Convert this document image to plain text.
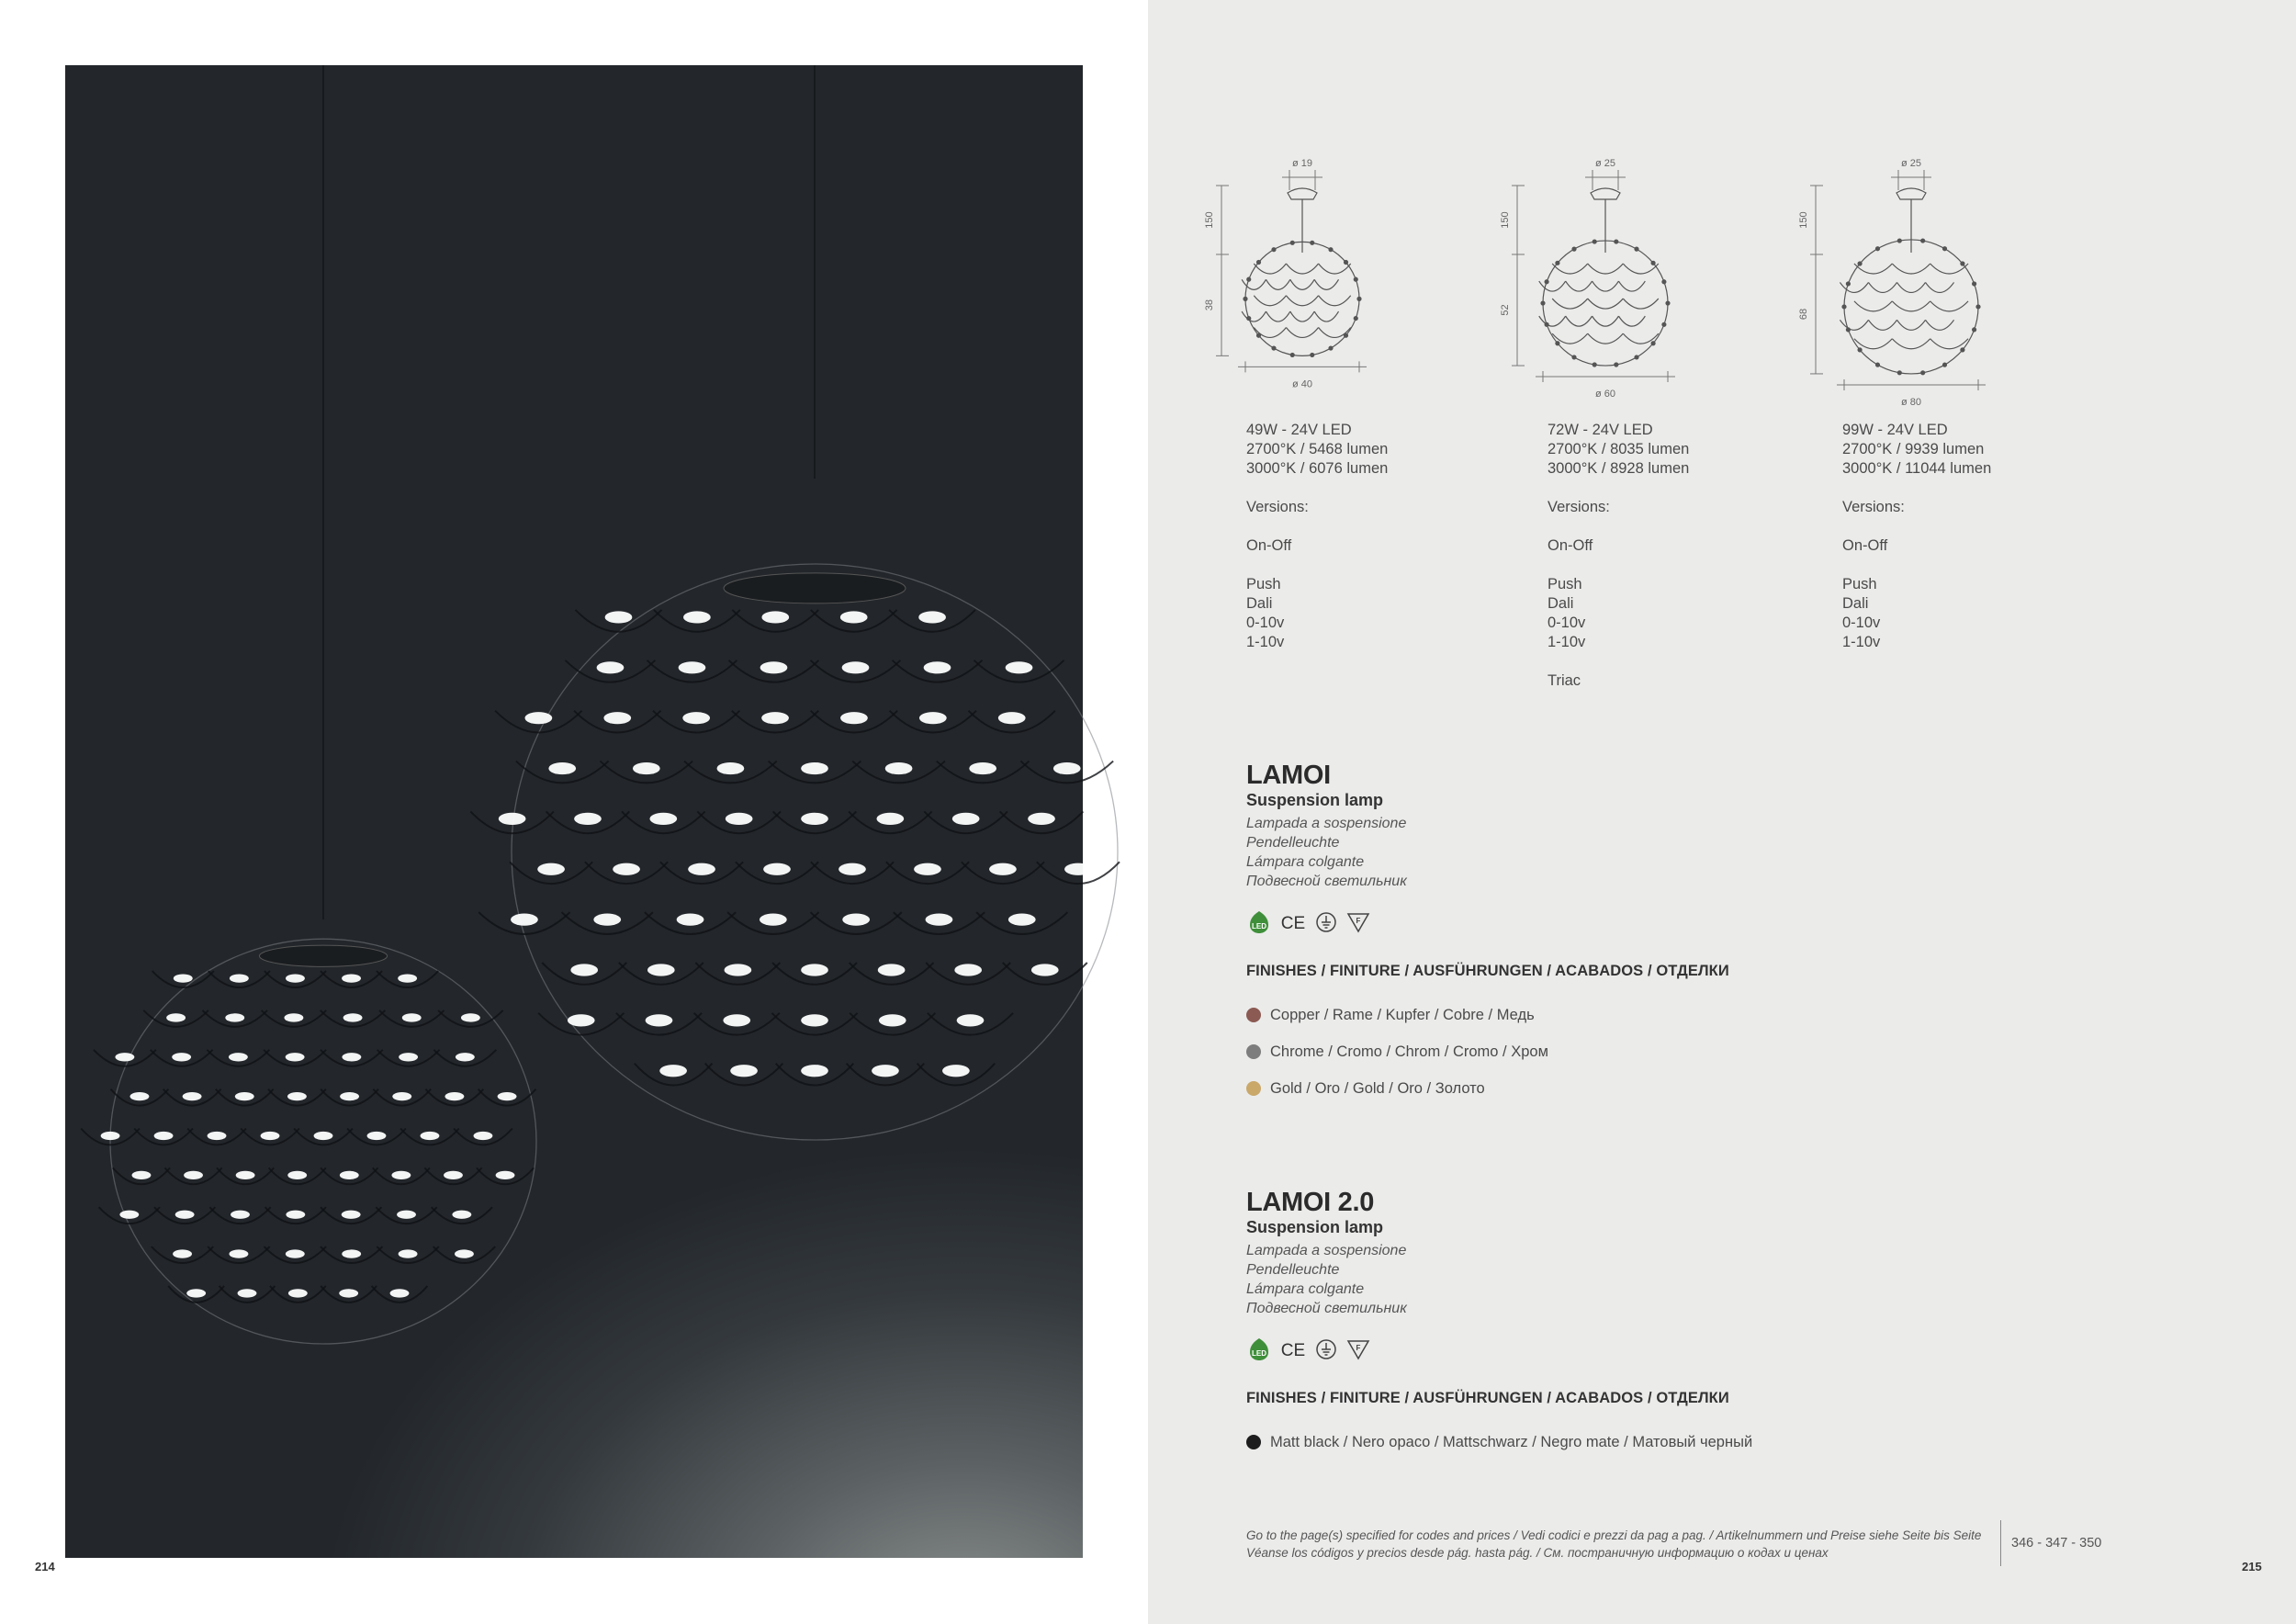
214
ø 19
ø 40
150
38
ø 25
ø 60
150
52
ø 25
ø 80
150
68
49W - 24V LED
2700°K / 5468 lumen
3000°K / 6076 lumen
Versions:
On-Off
Push
Dali
0-10v
1-10v
72W - 24V LED
2700°K / 8035 lumen
3000°K / 8928 lumen
Versions:
On-Off
Push
Dali
0-10v
1-10v
Triac
99W - 24V LED
2700°K / 9939 lumen
3000°K / 11044 lumen
Versions:
On-Off
Push
Dali
0-10v
1-10v
LAMOI
Suspension lamp
Lampada a sospensione
Pendelleuchte
Lámpara colgante
Подвесной светильник
LED CE	F
FINISHES / FINITURE / AUSFÜHRUNGEN / ACABADOS / ОТДЕЛКИ
Copper / Rame / Kupfer / Cobre / Медь
Chrome / Cromo / Chrom / Cromo / Хром
Gold / Oro / Gold / Oro / Золото
LAMOI 2.0
Suspension lamp
Lampada a sospensione
Pendelleuchte
Lámpara colgante
Подвесной светильник
LED CE	F
FINISHES / FINITURE / AUSFÜHRUNGEN / ACABADOS / ОТДЕЛКИ
Matt black / Nero opaco / Mattschwarz / Negro mate / Матовый черный
Go to the page(s) specified for codes and prices / Vedi codici e prezzi da pag a pag. / Artikelnummern und Preise siehe Seite bis Seite
Véanse los códigos y precios desde pág. hasta pág. / См. постраничную информацию о кодах и ценах
346 - 347 - 350
215
